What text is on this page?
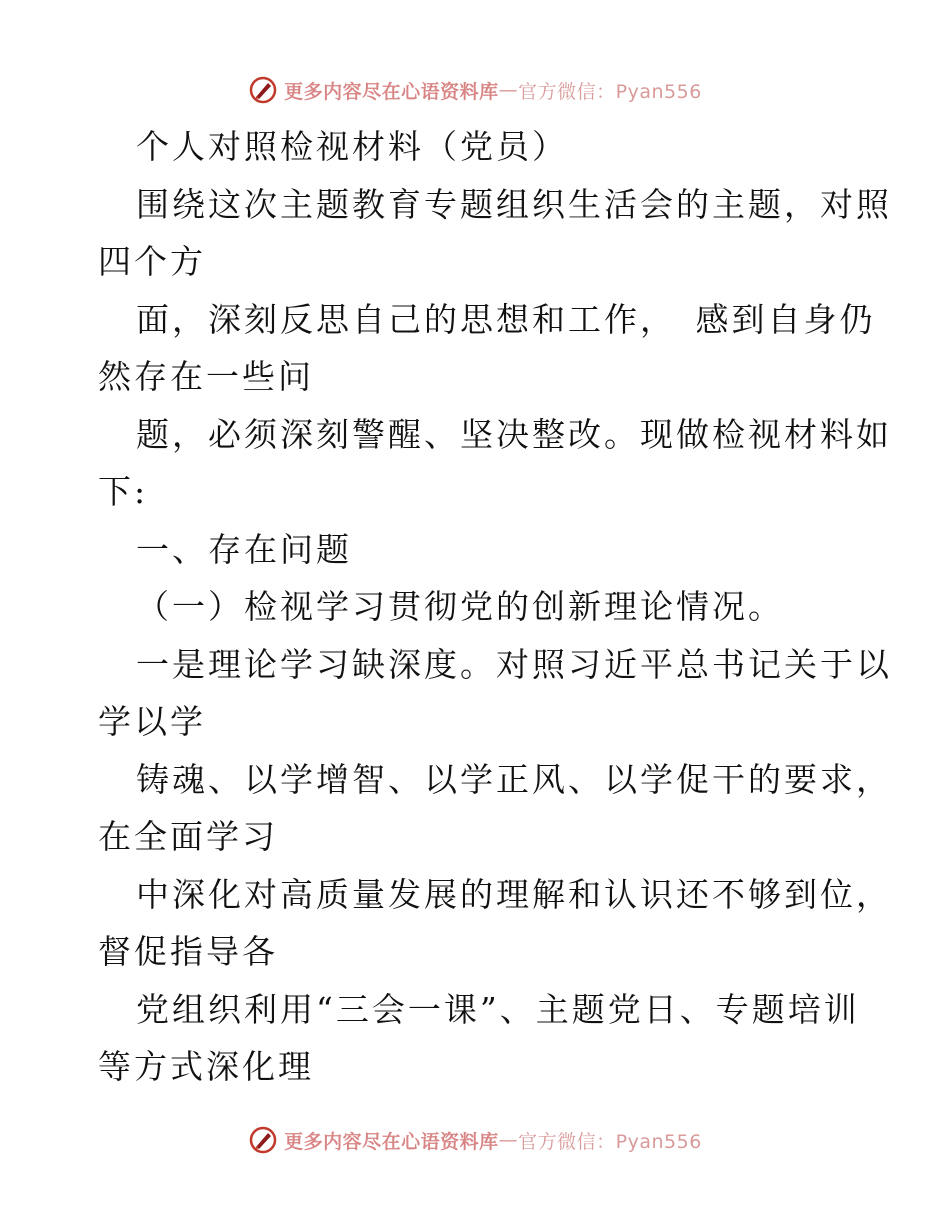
更多内容尽在心语资料库 — 官方微信：Pyan556
个人对照检视材料（党员）
围绕这次主题教育专题组织生活会的主题，对照
四个方
面，深刻反思自己的思想和工作，　感到自身仍
然存在一些问
题，必须深刻警醒、坚决整改。现做检视材料如
下:
一、存在问题
（一）检视学习贯彻党的创新理论情况。
一是理论学习缺深度。对照习近平总书记关于以
学以学
铸魂、以学增智、以学正风、以学促干的要求，
在全面学习
中深化对高质量发展的理解和认识还不够到位，
督促指导各
党组织利用“三会一课”、主题党日、专题培训
等方式深化理
更多内容尽在心语资料库 — 官方微信：Pyan556
